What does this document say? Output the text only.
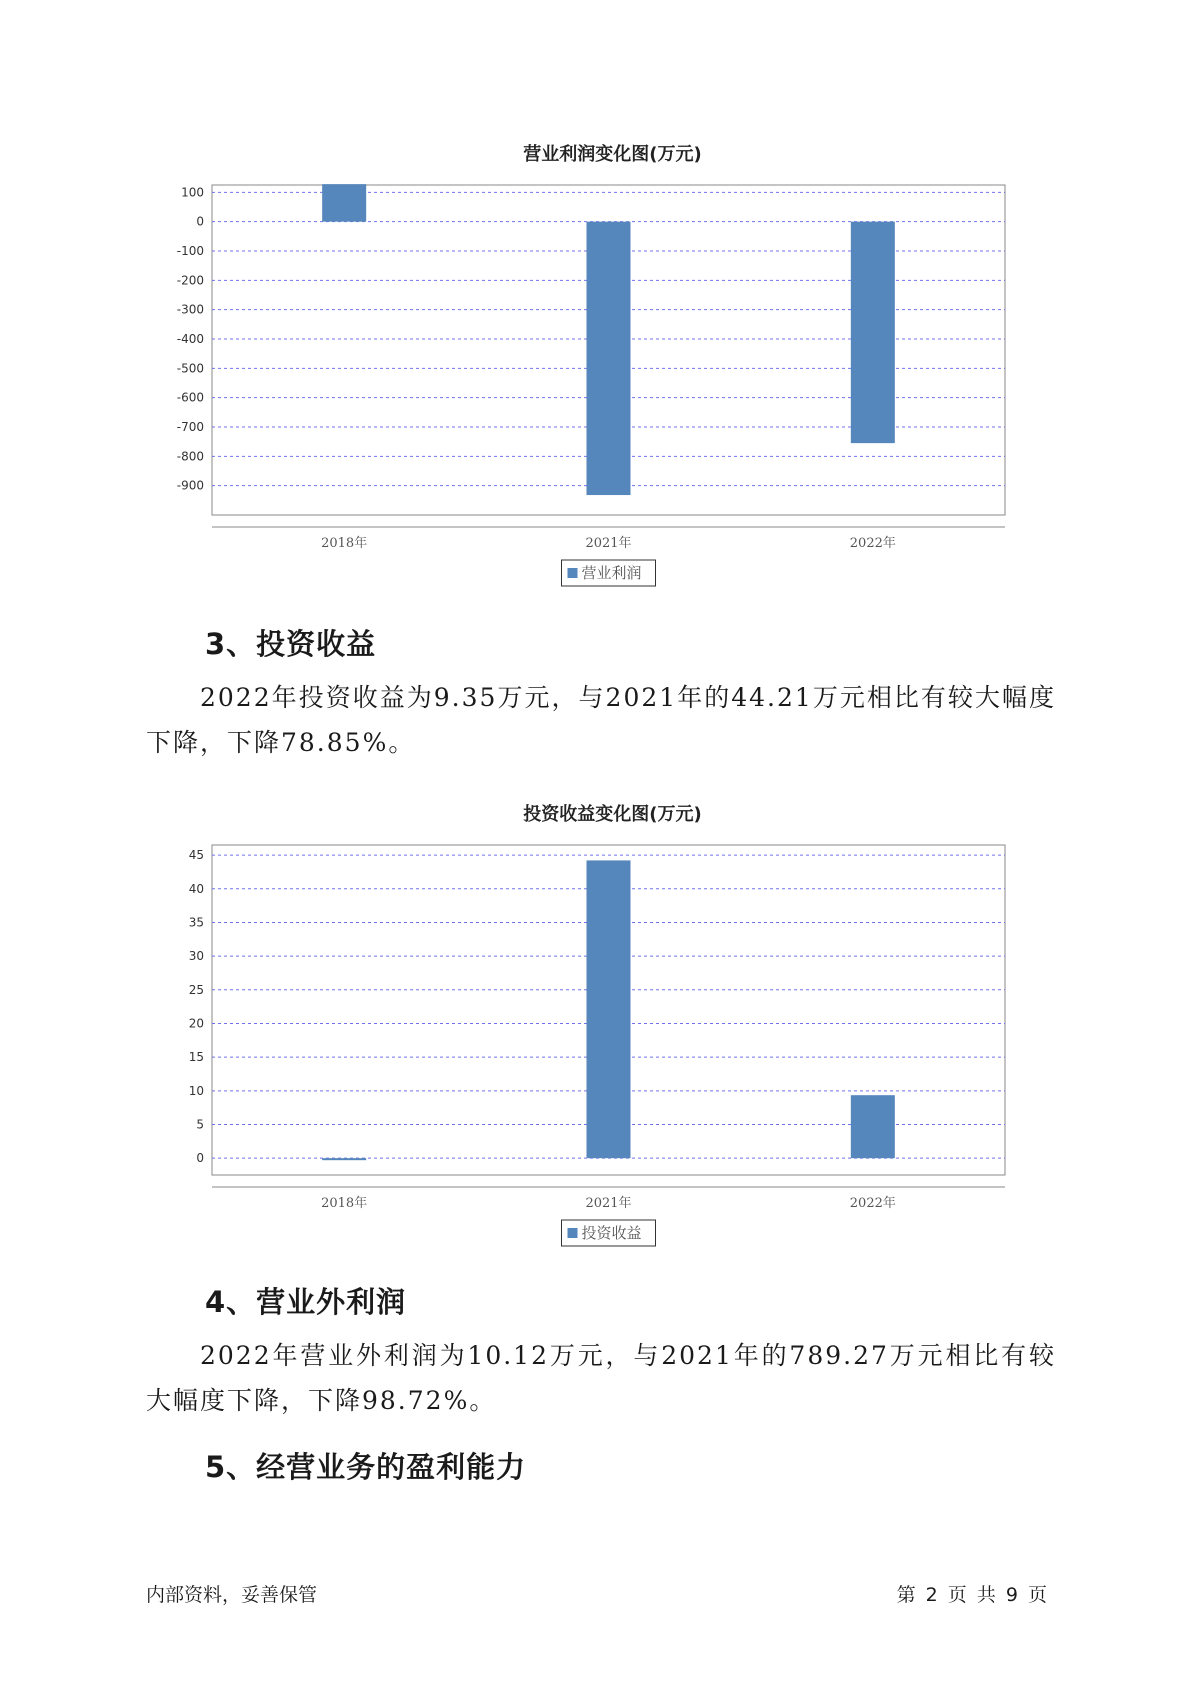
营业利润变化图(万元)
100
0
-100
-200
-300
-400
-500
-600
-700
-800
-900
2018年	2021年	2022年
营业利润
3、投资收益

2022年投资收益为9.35万元，与2021年的44.21万元相比有较大幅度下降，下降78.85%。

投资收益变化图(万元)
45
40
35
30
25
20
15
10
5
0
2018年	2021年	2022年
投资收益
4、营业外利润

2022年营业外利润为10.12万元，与2021年的789.27万元相比有较大幅度下降，下降98.72%。

5、经营业务的盈利能力
内部资料，妥善保管	第 2 页 共 9 页
